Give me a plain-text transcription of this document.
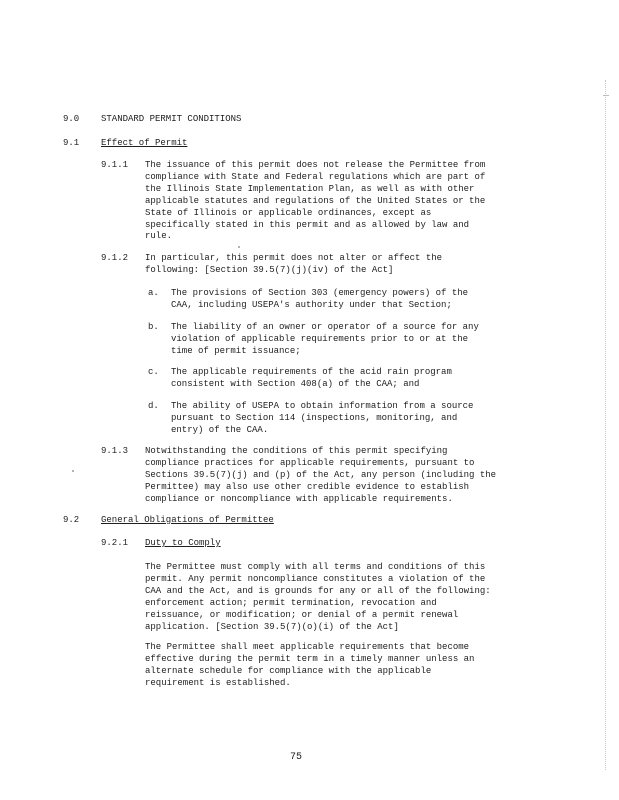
9.0 STANDARD PERMIT CONDITIONS
9.1 Effect of Permit
9.1.1 The issuance of this permit does not release the Permittee from
compliance with State and Federal regulations which are part of
the Illinois State Implementation Plan, as well as with other
applicable statutes and regulations of the United States or the
State of Illinois or applicable ordinances, except as
specifically stated in this permit and as allowed by law and
rule.
9.1.2 In particular, this permit does not alter or affect the
following: [Section 39.5(7)(j)(iv) of the Act]
a. The provisions of Section 303 (emergency powers) of the
CAA, including USEPA's authority under that Section;
b. The liability of an owner or operator of a source for any
violation of applicable requirements prior to or at the
time of permit issuance;
c. The applicable requirements of the acid rain program
consistent with Section 408(a) of the CAA; and
d. The ability of USEPA to obtain information from a source
pursuant to Section 114 (inspections, monitoring, and
entry) of the CAA.
9.1.3 Notwithstanding the conditions of this permit specifying
compliance practices for applicable requirements, pursuant to
Sections 39.5(7)(j) and (p) of the Act, any person (including the
Permittee) may also use other credible evidence to establish
compliance or noncompliance with applicable requirements.
9.2 General Obligations of Permittee
9.2.1 Duty to Comply
The Permittee must comply with all terms and conditions of this
permit. Any permit noncompliance constitutes a violation of the
CAA and the Act, and is grounds for any or all of the following:
enforcement action; permit termination, revocation and
reissuance, or modification; or denial of a permit renewal
application. [Section 39.5(7)(o)(i) of the Act]
The Permittee shall meet applicable requirements that become
effective during the permit term in a timely manner unless an
alternate schedule for compliance with the applicable
requirement is established.
75
